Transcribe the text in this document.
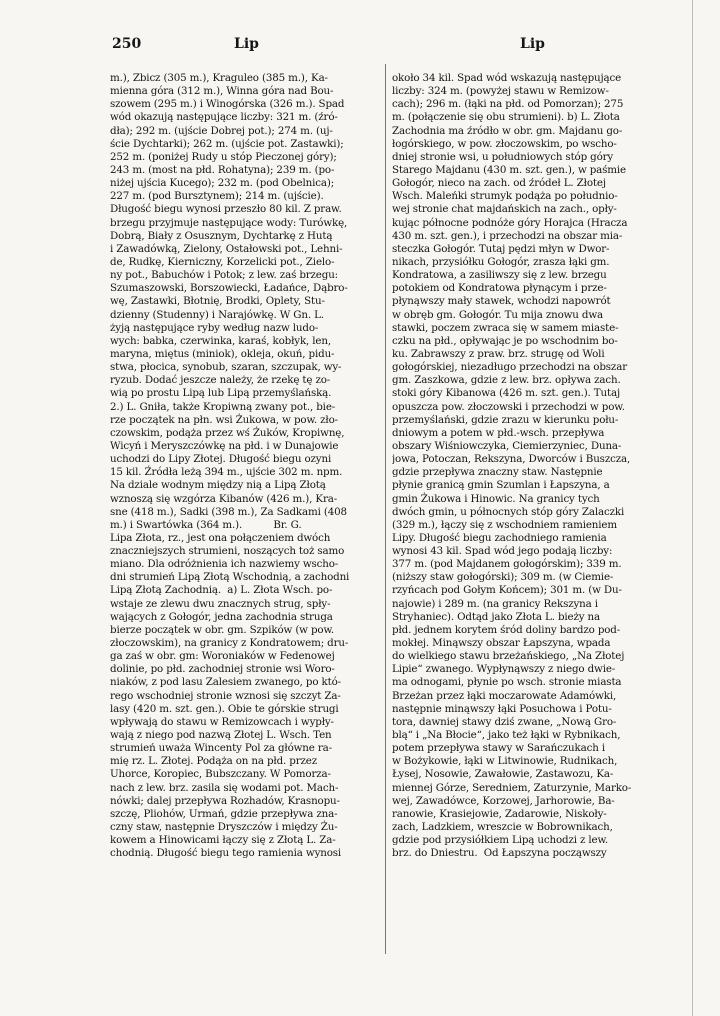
250	Lip	Lip
m.), Zbicz (305 m.), Kraguleo (385 m.), Ka-
mienna góra (312 m.), Winna góra nad Bou-
szowem (295 m.) i Winogórska (326 m.). Spad
wód okazują następujące liczby: 321 m. (źró-
dła); 292 m. (ujście Dobrej pot.); 274 m. (uj-
ście Dychtarki); 262 m. (ujście pot. Zastawki);
252 m. (poniżej Rudy u stóp Pieczonej góry);
243 m. (most na płd. Rohatyna); 239 m. (po-
niżej ujścia Kucego); 232 m. (pod Obelnica);
227 m. (pod Bursztynem); 214 m. (ujście).
Długość biegu wynosi przeszło 80 kil. Z praw.
brzegu przyjmuje następujące wody: Turówkę,
Dobrą, Biały z Osusznym, Dychtarkę z Hutą
i Zawadówką, Zielony, Ostałowski pot., Lehni-
de, Rudkę, Kierniczny, Korzelicki pot., Zielo-
ny pot., Babuchów i Potok; z lew. zaś brzegu:
Szumaszowski, Borszowiecki, Ładańce, Dąbro-
wę, Zastawki, Błotnię, Brodki, Oplety, Stu-
dzienny (Studenny) i Narajówkę. W Gn. L.
żyją następujące ryby według nazw ludo-
wych: babka, czerwinka, karaś, kobłyk, len,
maryna, miętus (miniok), okleja, okuń, pidu-
stwa, płocica, synobub, szaran, szczupak, wy-
ryzub. Dodać jeszcze należy, że rzekę tę zo-
wią po prostu Lipą lub Lipą przemyślańską.
2.) L. Gniła, także Kropiwną zwany pot., bie-
rze początek na płn. wsi Żukowa, w pow. zło-
czowskim, podąża przez wś Żuków, Kropiwnę,
Wicyń i Meryszczówkę na płd. i w Dunajowie
uchodzi do Lipy Złotej. Długość biegu ozyni
15 kil. Źródła leżą 394 m., ujście 302 m. npm.
Na dziale wodnym między nią a Lipą Złotą
wznoszą się wzgórza Kibanów (426 m.), Kra-
sne (418 m.), Sadki (398 m.), Za Sadkami (408
m.) i Swartówka (364 m.).          Br. G.
Lipa Złota, rz., jest ona połączeniem dwóch
znaczniejszych strumieni, noszących toż samo
miano. Dla odróżnienia ich nazwiemy wscho-
dni strumień Lipą Złotą Wschodnią, a zachodni
Lipą Złotą Zachodnią.  a) L. Złota Wsch. po-
wstaje ze zlewu dwu znacznych strug, spły-
wających z Gołogór, jedna zachodnia struga
bierze początek w obr. gm. Szpików (w pow.
złoczowskim), na granicy z Kondratowem; dru-
ga zaś w obr. gm: Woroniaków w Fedenowej
dolinie, po płd. zachodniej stronie wsi Woro-
niaków, z pod lasu Zalesiem zwanego, po któ-
rego wschodniej stronie wznosi się szczyt Za-
lasy (420 m. szt. gen.). Obie te górskie strugi
wpływają do stawu w Remizowcach i wypły-
wają z niego pod nazwą Złotej L. Wsch. Ten
strumień uważa Wincenty Pol za główne ra-
mię rz. L. Złotej. Podąża on na płd. przez
Uhorce, Koropiec, Bubszczany. W Pomorza-
nach z lew. brz. zasila się wodami pot. Mach-
nówki; dalej przepływa Rozhadów, Krasnopu-
szczę, Pliohów, Urmań, gdzie przepływa zna-
czny staw, następnie Dryszczów i między Żu-
kowem a Hinowicami łączy się z Złotą L. Za-
chodnią. Długość biegu tego ramienia wynosi
około 34 kil. Spad wód wskazują następujące
liczby: 324 m. (powyżej stawu w Remizow-
cach); 296 m. (łąki na płd. od Pomorzan); 275
m. (połączenie się obu strumieni). b) L. Złota
Zachodnia ma źródło w obr. gm. Majdanu go-
łogórskiego, w pow. złoczowskim, po wscho-
dniej stronie wsi, u południowych stóp góry
Starego Majdanu (430 m. szt. gen.), w paśmie
Gołogór, nieco na zach. od źródeł L. Złotej
Wsch. Maleńki strumyk podąża po południo-
wej stronie chat majdańskich na zach., opły-
kując północne podnóże góry Horajca (Hracza
430 m. szt. gen.), i przechodzi na obszar mia-
steczka Gołogór. Tutaj pędzi młyn w Dwor-
nikach, przysiółku Gołogór, zrasza łąki gm.
Kondratowa, a zasiliwszy się z lew. brzegu
potokiem od Kondratowa płynącym i prze-
płynąwszy mały stawek, wchodzi napowrót
w obręb gm. Gołogór. Tu mija znowu dwa
stawki, poczem zwraca się w samem miaste-
czku na płd., opływając je po wschodnim bo-
ku. Zabrawszy z praw. brz. strugę od Woli
gołogórskiej, niezadługo przechodzi na obszar
gm. Zaszkowa, gdzie z lew. brz. opływa zach.
stoki góry Kibanowa (426 m. szt. gen.). Tutaj
opuszcza pow. złoczowski i przechodzi w pow.
przemyślański, gdzie zrazu w kierunku połu-
dniowym a potem w płd.-wsch. przepływa
obszary Wiśniowczyka, Ciemierzyniec, Duna-
jowa, Potoczan, Rekszyna, Dworców i Buszcza,
gdzie przepływa znaczny staw. Następnie
płynie granicą gmin Szumlan i Łapszyna, a
gmin Żukowa i Hinowic. Na granicy tych
dwóch gmin, u północnych stóp góry Zalaczki
(329 m.), łączy się z wschodniem ramieniem
Lipy. Długość biegu zachodniego ramienia
wynosi 43 kil. Spad wód jego podają liczby:
377 m. (pod Majdanem gołogórskim); 339 m.
(niższy staw gołogórski); 309 m. (w Ciemie-
rzyńcach pod Gołym Końcem); 301 m. (w Du-
najowie) i 289 m. (na granicy Rekszyna i
Stryhaniec). Odtąd jako Złota L. bieży na
płd. jednem korytem śród doliny bardzo pod-
mokłej. Minąwszy obszar Łapszyna, wpada
do wielkiego stawu brzeżańskiego, „Na Złotej
Lipie“ zwanego. Wypłynąwszy z niego dwie-
ma odnogami, płynie po wsch. stronie miasta
Brzeżan przez łąki moczarowate Adamówki,
następnie minąwszy łąki Posuchowa i Potu-
tora, dawniej stawy dziś zwane, „Nową Gro-
blą“ i „Na Błocie“, jako też łąki w Rybnikach,
potem przepływa stawy w Sarańczukach i
w Bożykowie, łąki w Litwinowie, Rudnikach,
Łysej, Nosowie, Zawałowie, Zastawozu, Ka-
miennej Górze, Seredniem, Zaturzynie, Marko-
wej, Zawadówce, Korzowej, Jarhorowie, Ba-
ranowie, Krasiejowie, Zadarowie, Niskoły-
zach, Ladzkiem, wreszcie w Bobrownikach,
gdzie pod przysiółkiem Lipą uchodzi z lew.
brz. do Dniestru.  Od Łapszyna począwszy
